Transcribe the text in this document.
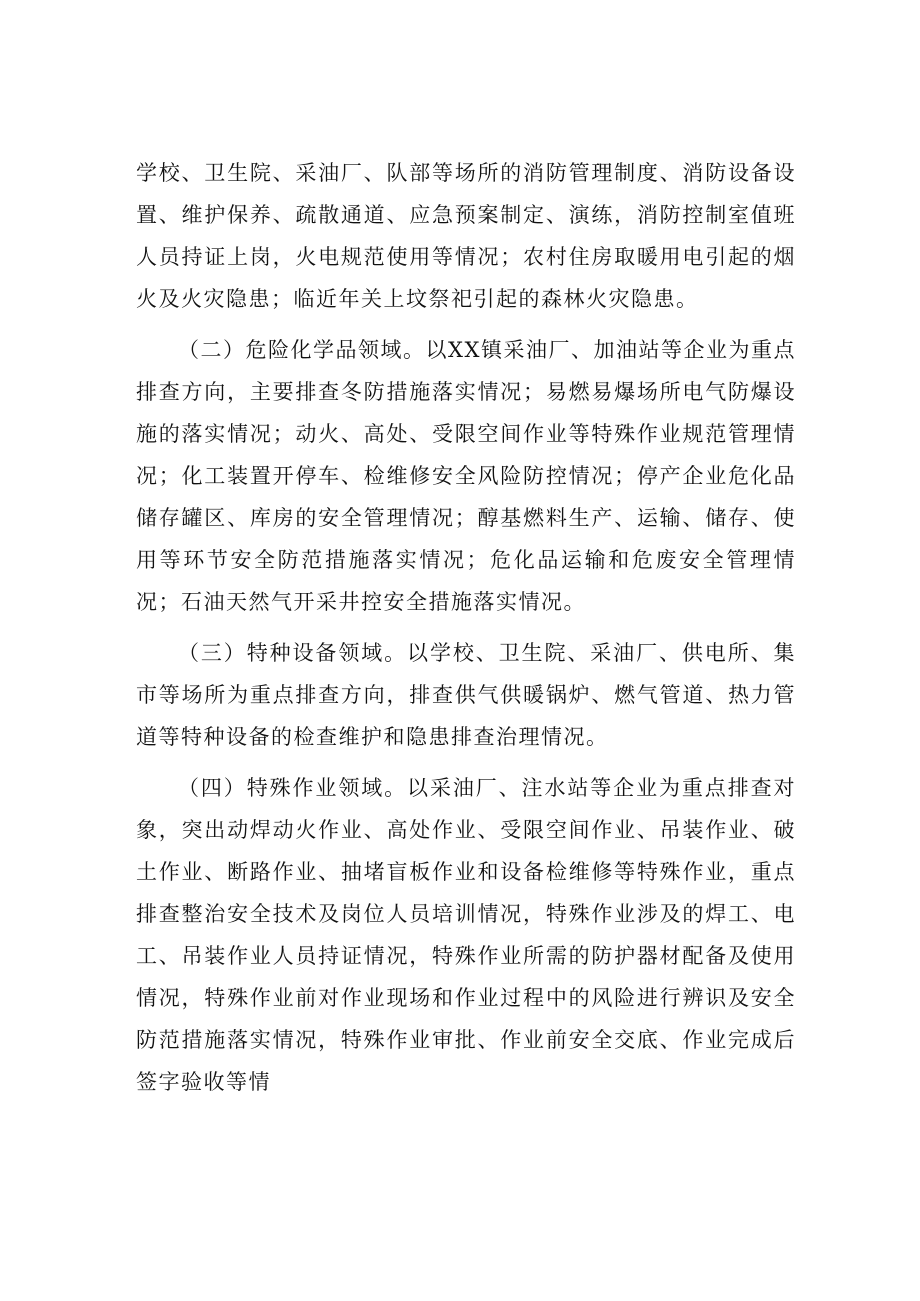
学校、卫生院、采油厂、队部等场所的消防管理制度、消防设备设置、维护保养、疏散通道、应急预案制定、演练，消防控制室值班人员持证上岗，火电规范使用等情况；农村住房取暖用电引起的烟火及火灾隐患；临近年关上坟祭祀引起的森林火灾隐患。

（二）危险化学品领域。以XX镇采油厂、加油站等企业为重点排查方向，主要排查冬防措施落实情况；易燃易爆场所电气防爆设施的落实情况；动火、高处、受限空间作业等特殊作业规范管理情况；化工装置开停车、检维修安全风险防控情况；停产企业危化品储存罐区、库房的安全管理情况；醇基燃料生产、运输、储存、使用等环节安全防范措施落实情况；危化品运输和危废安全管理情况；石油天然气开采井控安全措施落实情况。

（三）特种设备领域。以学校、卫生院、采油厂、供电所、集市等场所为重点排查方向，排查供气供暖锅炉、燃气管道、热力管道等特种设备的检查维护和隐患排查治理情况。

（四）特殊作业领域。以采油厂、注水站等企业为重点排查对象，突出动焊动火作业、高处作业、受限空间作业、吊装作业、破土作业、断路作业、抽堵盲板作业和设备检维修等特殊作业，重点排查整治安全技术及岗位人员培训情况，特殊作业涉及的焊工、电工、吊装作业人员持证情况，特殊作业所需的防护器材配备及使用情况，特殊作业前对作业现场和作业过程中的风险进行辨识及安全防范措施落实情况，特殊作业审批、作业前安全交底、作业完成后签字验收等情
